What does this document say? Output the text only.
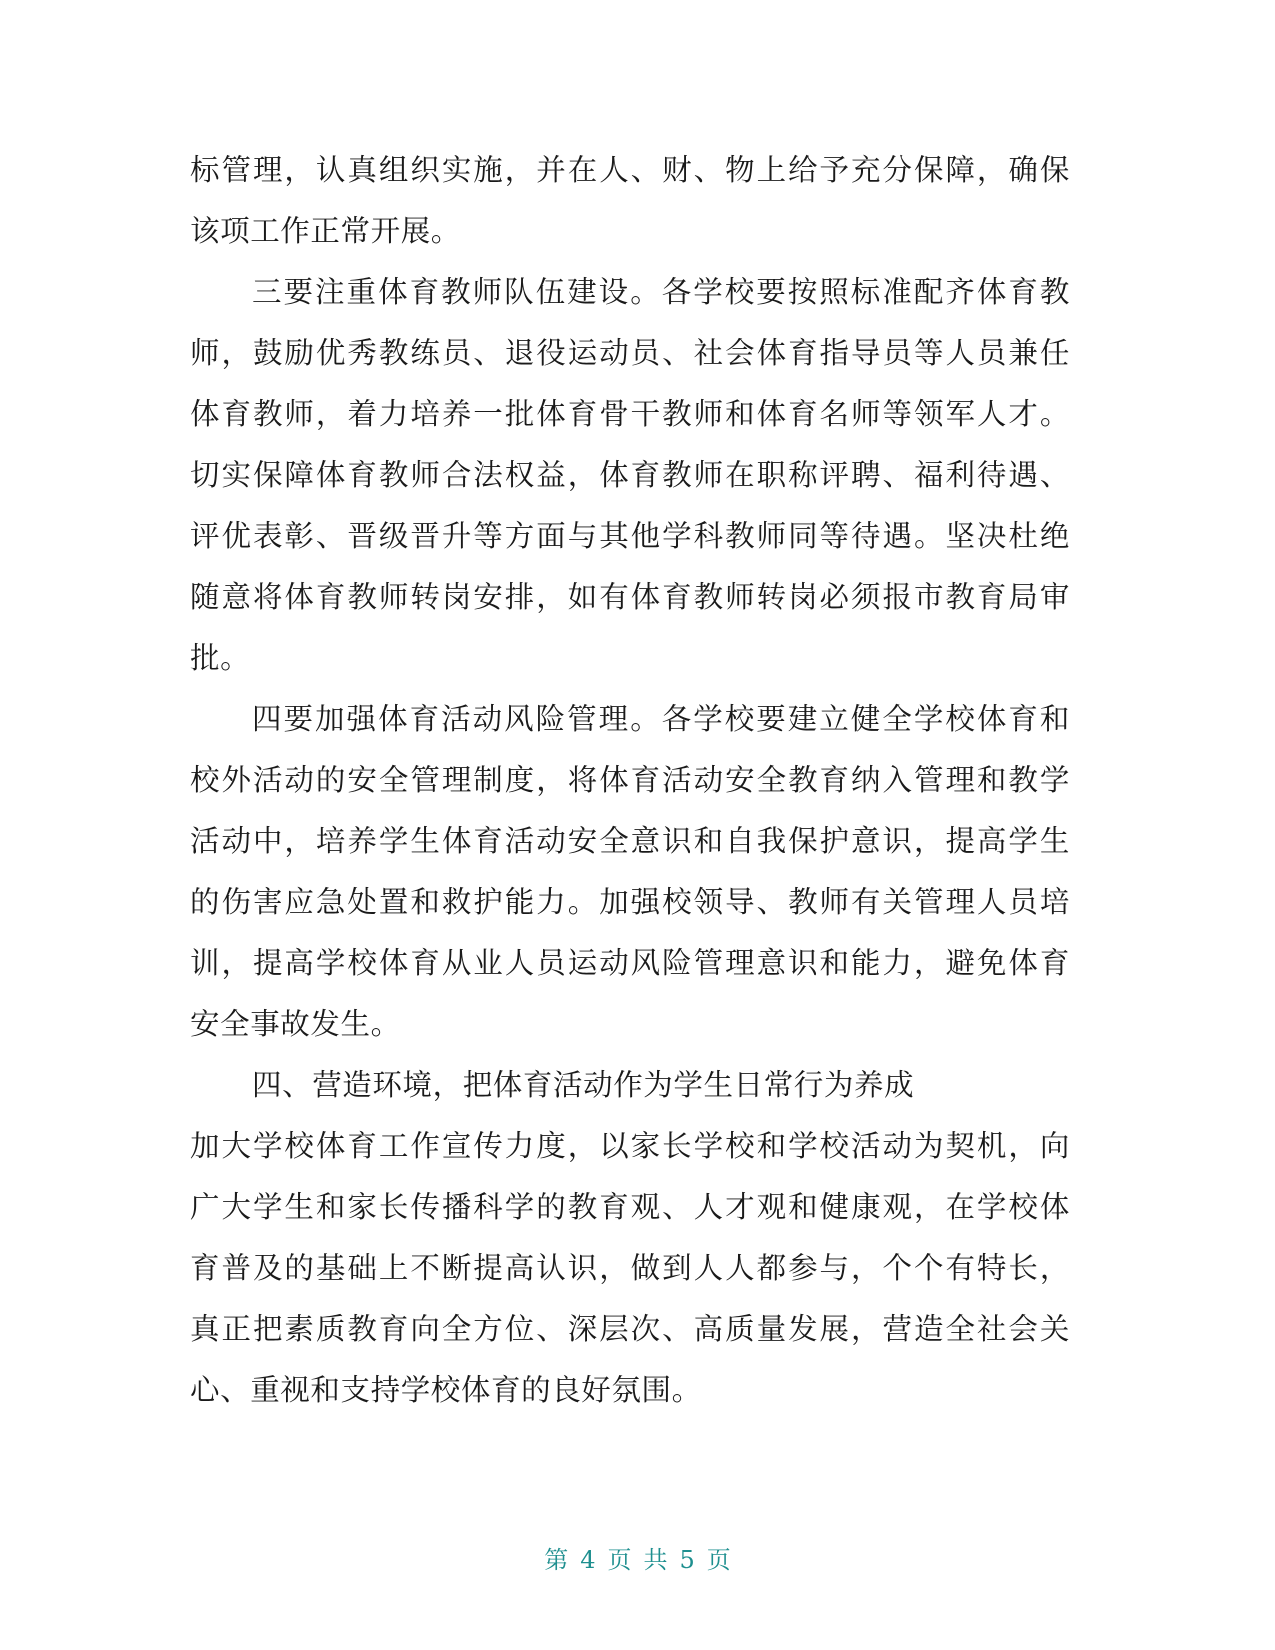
标管理，认真组织实施，并在人、财、物上给予充分保障，确保
该项工作正常开展。
三要注重体育教师队伍建设。各学校要按照标准配齐体育教
师，鼓励优秀教练员、退役运动员、社会体育指导员等人员兼任
体育教师，着力培养一批体育骨干教师和体育名师等领军人才。
切实保障体育教师合法权益，体育教师在职称评聘、福利待遇、
评优表彰、晋级晋升等方面与其他学科教师同等待遇。坚决杜绝
随意将体育教师转岗安排，如有体育教师转岗必须报市教育局审
批。
四要加强体育活动风险管理。各学校要建立健全学校体育和
校外活动的安全管理制度，将体育活动安全教育纳入管理和教学
活动中，培养学生体育活动安全意识和自我保护意识，提高学生
的伤害应急处置和救护能力。加强校领导、教师有关管理人员培
训，提高学校体育从业人员运动风险管理意识和能力，避免体育
安全事故发生。
四、营造环境，把体育活动作为学生日常行为养成
加大学校体育工作宣传力度，以家长学校和学校活动为契机，向
广大学生和家长传播科学的教育观、人才观和健康观，在学校体
育普及的基础上不断提高认识，做到人人都参与，个个有特长，
真正把素质教育向全方位、深层次、高质量发展，营造全社会关
心、重视和支持学校体育的良好氛围。
第 4 页 共 5 页
